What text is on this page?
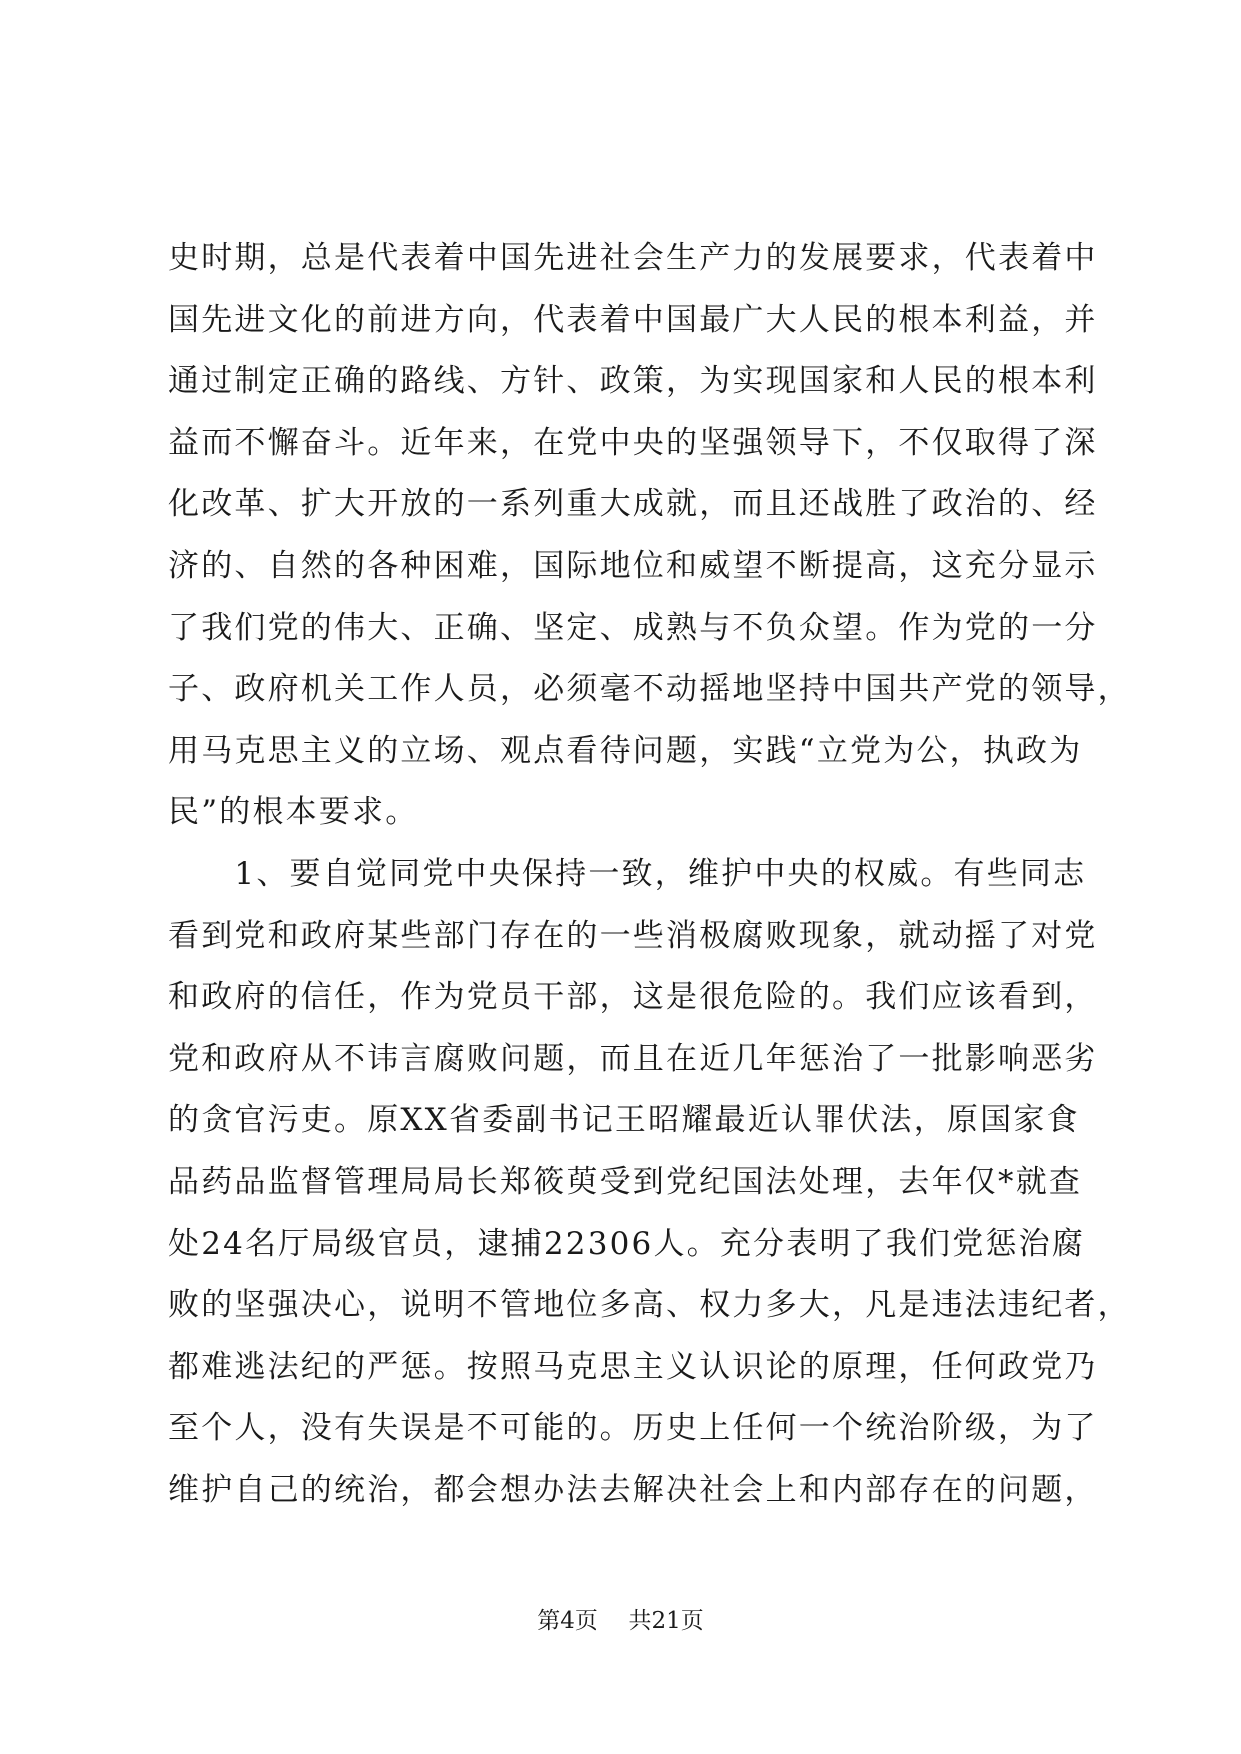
史时期，总是代表着中国先进社会生产力的发展要求，代表着中
国先进文化的前进方向，代表着中国最广大人民的根本利益，并
通过制定正确的路线、方针、政策，为实现国家和人民的根本利
益而不懈奋斗。近年来，在党中央的坚强领导下，不仅取得了深
化改革、扩大开放的一系列重大成就，而且还战胜了政治的、经
济的、自然的各种困难，国际地位和威望不断提高，这充分显示
了我们党的伟大、正确、坚定、成熟与不负众望。作为党的一分
子、政府机关工作人员，必须毫不动摇地坚持中国共产党的领导，
用马克思主义的立场、观点看待问题，实践“立党为公，执政为
民”的根本要求。
　　1、要自觉同党中央保持一致，维护中央的权威。有些同志
看到党和政府某些部门存在的一些消极腐败现象，就动摇了对党
和政府的信任，作为党员干部，这是很危险的。我们应该看到，
党和政府从不讳言腐败问题，而且在近几年惩治了一批影响恶劣
的贪官污吏。原XX省委副书记王昭耀最近认罪伏法，原国家食
品药品监督管理局局长郑筱萸受到党纪国法处理，去年仅*就查
处24名厅局级官员，逮捕22306人。充分表明了我们党惩治腐
败的坚强决心，说明不管地位多高、权力多大，凡是违法违纪者，
都难逃法纪的严惩。按照马克思主义认识论的原理，任何政党乃
至个人，没有失误是不可能的。历史上任何一个统治阶级，为了
维护自己的统治，都会想办法去解决社会上和内部存在的问题，
第4页 共21页
